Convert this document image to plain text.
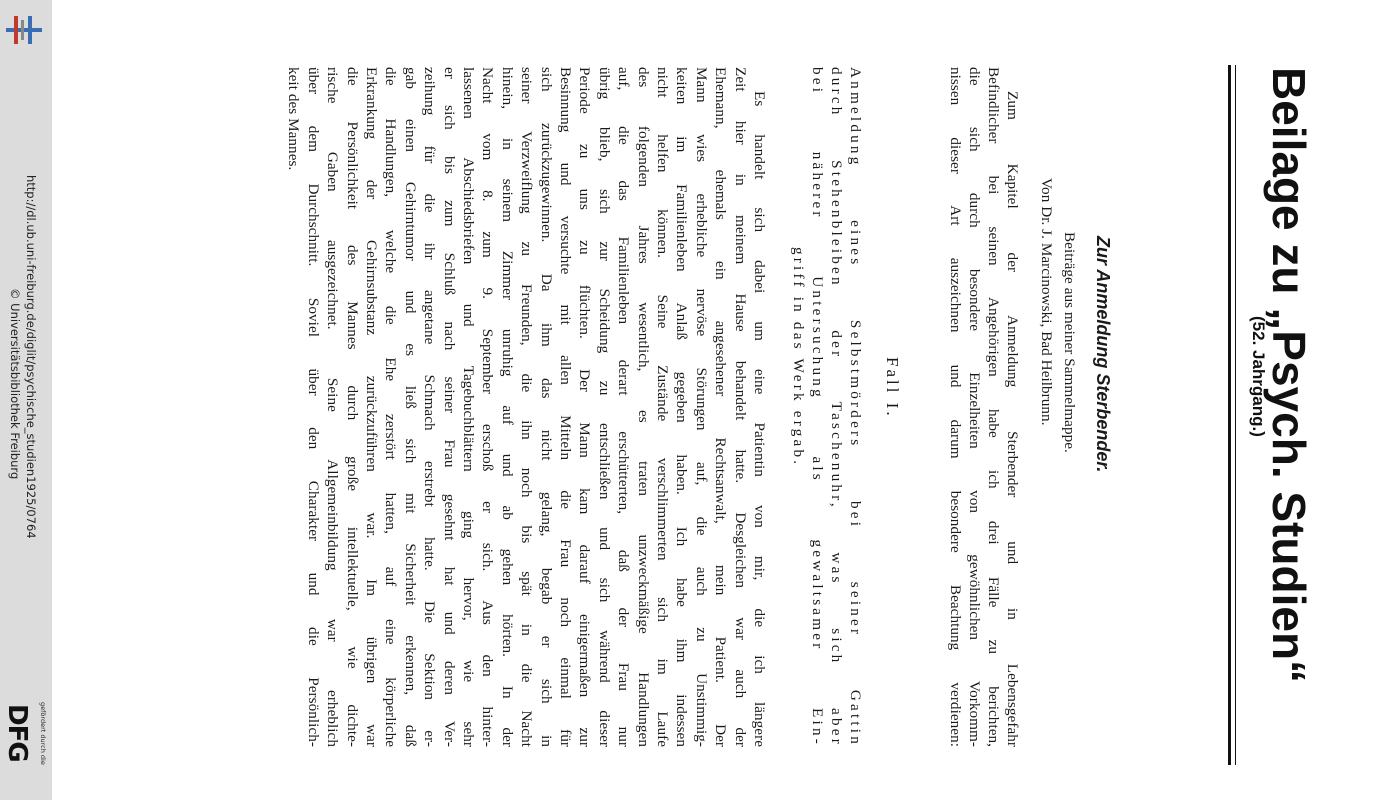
http://dl.ub.uni-freiburg.de/diglit/psychische_studien1925/0764
© Universitätsbibliothek Freiburg
DFG gefördert durch die
Beilage zu „Psych. Studien“
(52. Jahrgang.)
Zur Anmeldung Sterbender.
Beiträge aus meiner Sammelmappe.
Von Dr. J. Marcinowski, Bad Heilbrunn.
Zum Kapitel der Anmeldung Sterbender und in Lebensgefahr
Befindlicher bei seinen Angehörigen habe ich drei Fälle zu berichten,
die sich durch besondere Einzelheiten von gewöhnlichen Vorkomm-
nissen dieser Art auszeichnen und darum besondere Beachtung verdienen:
Fall I.
Anmeldung eines Selbstmörders bei seiner Gattin
durch Stehenbleiben der Taschenuhr, was sich aber
bei näherer Untersuchung als gewaltsamer Ein-
griff in das Werk ergab.
Es handelt sich dabei um eine Patientin von mir, die ich längere
Zeit hier in meinem Hause behandelt hatte. Desgleichen war auch der
Ehemann, ehemals ein angesehener Rechtsanwalt, mein Patient. Der
Mann wies erhebliche nervöse Störungen auf, die auch zu Unstimmig-
keiten im Familienleben Anlaß gegeben haben. Ich habe ihm indessen
nicht helfen können. Seine Zustände verschlimmerten sich im Laufe
des folgenden Jahres wesentlich, es traten unzweckmäßige Handlungen
auf, die das Familienleben derart erschütterten, daß der Frau nur
übrig blieb, sich zur Scheidung zu entschließen und sich während dieser
Periode zu uns zu flüchten. Der Mann kam darauf einigermaßen zur
Besinnung und versuchte mit allen Mitteln die Frau noch einmal für
sich zurückzugewinnen. Da ihm das nicht gelang, begab er sich in
seiner Verzweiflung zu Freunden, die ihn noch bis spät in die Nacht
hinein, in seinem Zimmer unruhig auf und ab gehen hörten. In der
Nacht vom 8. zum 9. September erschoß er sich. Aus den hinter-
lassenen Abschiedsbriefen und Tagebuchblättern ging hervor, wie sehr
er sich bis zum Schluß nach seiner Frau gesehnt hat und deren Ver-
zeihung für die ihr angetane Schmach erstrebt hatte. Die Sektion er-
gab einen Gehirntumor und es ließ sich mit Sicherheit erkennen, daß
die Handlungen, welche die Ehe zerstört hatten, auf eine körperliche
Erkrankung der Gehirnsubstanz zurückzuführen war. Im übrigen war
die Persönlichkeit des Mannes durch große intellektuelle, wie dichte-
rische Gaben ausgezeichnet. Seine Allgemeinbildung war erheblich
über dem Durchschnitt. Soviel über den Charakter und die Persönlich-
keit des Mannes.
